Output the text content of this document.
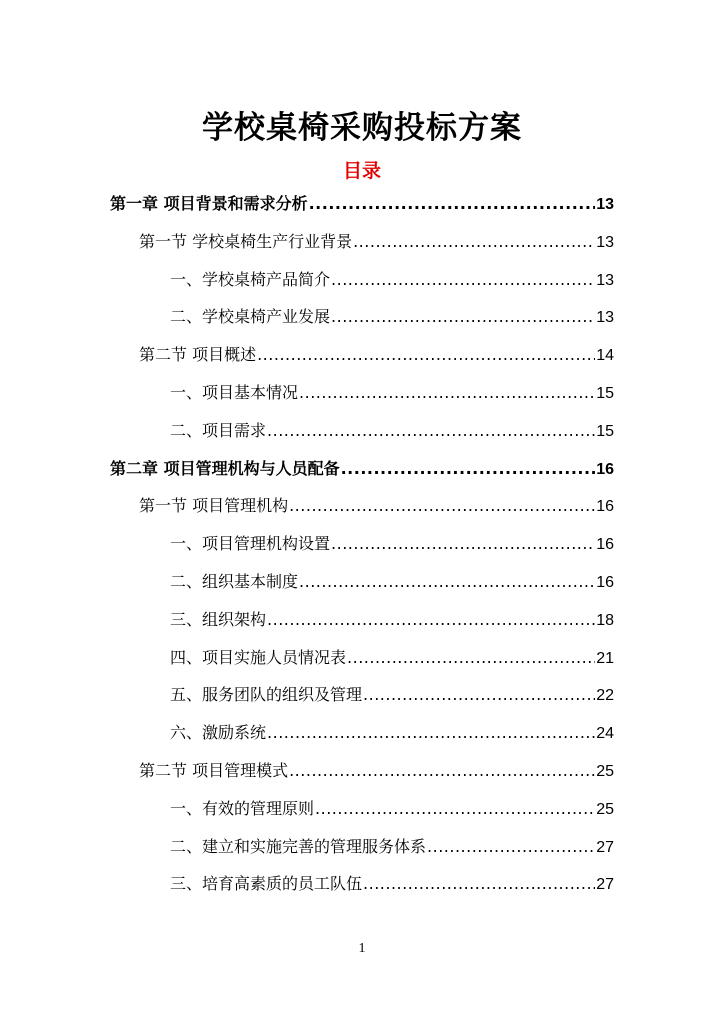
学校桌椅采购投标方案
目录
第一章 项目背景和需求分析 .....	13
第一节 学校桌椅生产行业背景 .....	13
一、学校桌椅产品简介 .....	13
二、学校桌椅产业发展 .....	13
第二节 项目概述 .....	14
一、项目基本情况 .....	15
二、项目需求 .....	15
第二章 项目管理机构与人员配备 .....	16
第一节 项目管理机构 .....	16
一、项目管理机构设置 .....	16
二、组织基本制度 .....	16
三、组织架构 .....	18
四、项目实施人员情况表 .....	21
五、服务团队的组织及管理 .....	22
六、激励系统 .....	24
第二节 项目管理模式 .....	25
一、有效的管理原则 .....	25
二、建立和实施完善的管理服务体系 .....	27
三、培育高素质的员工队伍 .....	27
1
